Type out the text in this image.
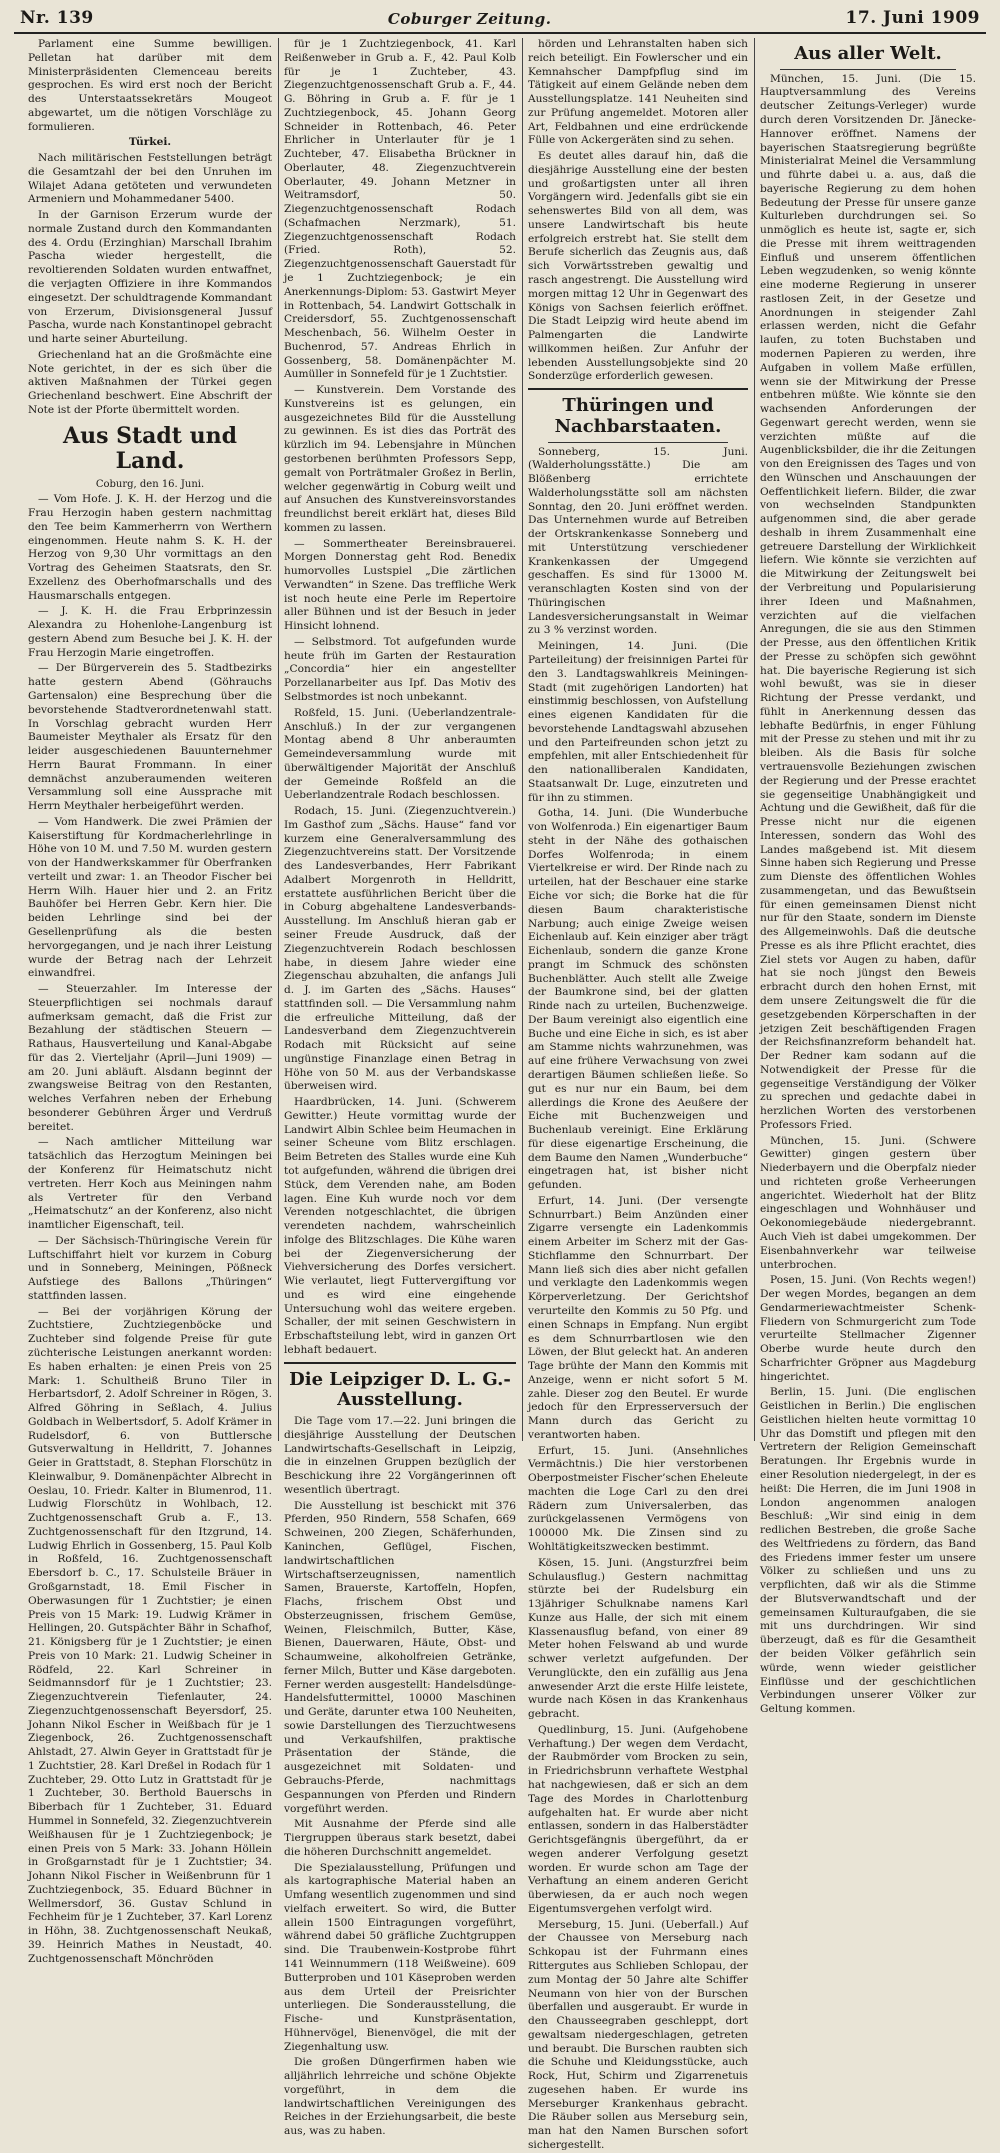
Nr. 139	Coburger Zeitung.	17. Juni 1909

Parlament eine Summe bewilligen. Pelletan hat darüber mit dem Ministerpräsidenten Clemenceau bereits gesprochen. Es wird erst noch der Bericht des Unterstaatssekretärs Mougeot abgewartet, um die nötigen Vorschläge zu formulieren.

Türkei.

Nach militärischen Feststellungen beträgt die Gesamtzahl der bei den Unruhen im Wilajet Adana getöteten und verwundeten Armeniern und Mohammedaner 5400.

In der Garnison Erzerum wurde der normale Zustand durch den Kommandanten des 4. Ordu (Erzinghian) Marschall Ibrahim Pascha wieder hergestellt, die revoltierenden Soldaten wurden entwaffnet, die verjagten Offiziere in ihre Kommandos eingesetzt. Der schuldtragende Kommandant von Erzerum, Divisionsgeneral Jussuf Pascha, wurde nach Konstantinopel gebracht und harte seiner Aburteilung.

Griechenland hat an die Großmächte eine Note gerichtet, in der es sich über die aktiven Maßnahmen der Türkei gegen Griechenland beschwert. Eine Abschrift der Note ist der Pforte übermittelt worden.

Aus Stadt und Land.

Coburg, den 16. Juni.

— Vom Hofe. J. K. H. der Herzog und die Frau Herzogin haben gestern nachmittag den Tee beim Kammerherrn von Werthern eingenommen. Heute nahm S. K. H. der Herzog von 9,30 Uhr vormittags an den Vortrag des Geheimen Staatsrats, den Sr. Exzellenz des Oberhofmarschalls und des Hausmarschalls entgegen.

— J. K. H. die Frau Erbprinzessin Alexandra zu Hohenlohe-Langenburg ist gestern Abend zum Besuche bei J. K. H. der Frau Herzogin Marie eingetroffen.

— Der Bürgerverein des 5. Stadtbezirks hatte gestern Abend (Göhrauchs Gartensalon) eine Besprechung über die bevorstehende Stadtverordnetenwahl statt. In Vorschlag gebracht wurden Herr Baumeister Meythaler als Ersatz für den leider ausgeschiedenen Bauunternehmer Herrn Baurat Frommann. In einer demnächst anzuberaumenden weiteren Versammlung soll eine Aussprache mit Herrn Meythaler herbeigeführt werden.

— Vom Handwerk. Die zwei Prämien der Kaiserstiftung für Kordmacherlehrlinge in Höhe von 10 M. und 7.50 M. wurden gestern von der Handwerkskammer für Oberfranken verteilt und zwar: 1. an Theodor Fischer bei Herrn Wilh. Hauer hier und 2. an Fritz Bauhöfer bei Herren Gebr. Kern hier. Die beiden Lehrlinge sind bei der Gesellenprüfung als die besten hervorgegangen, und je nach ihrer Leistung wurde der Betrag nach der Lehrzeit einwandfrei.

— Steuerzahler. Im Interesse der Steuerpflichtigen sei nochmals darauf aufmerksam gemacht, daß die Frist zur Bezahlung der städtischen Steuern — Rathaus, Hausverteilung und Kanal-Abgabe für das 2. Vierteljahr (April—Juni 1909) — am 20. Juni abläuft. Alsdann beginnt der zwangsweise Beitrag von den Restanten, welches Verfahren neben der Erhebung besonderer Gebühren Ärger und Verdruß bereitet.

— Nach amtlicher Mitteilung war tatsächlich das Herzogtum Meiningen bei der Konferenz für Heimatschutz nicht vertreten. Herr Koch aus Meiningen nahm als Vertreter für den Verband „Heimatschutz“ an der Konferenz, also nicht inamtlicher Eigenschaft, teil.

— Der Sächsisch-Thüringische Verein für Luftschiffahrt hielt vor kurzem in Coburg und in Sonneberg, Meiningen, Pößneck Aufstiege des Ballons „Thüringen“ stattfinden lassen.

— Bei der vorjährigen Körung der Zuchtstiere, Zuchtziegenböcke und Zuchteber sind folgende Preise für gute züchterische Leistungen anerkannt worden: Es haben erhalten: je einen Preis von 25 Mark: 1. Schultheiß Bruno Tiler in Herbartsdorf, 2. Adolf Schreiner in Rögen, 3. Alfred Göhring in Seßlach, 4. Julius Goldbach in Welbertsdorf, 5. Adolf Krämer in Rudelsdorf, 6. von Buttlersche Gutsverwaltung in Helldritt, 7. Johannes Geier in Grattstadt, 8. Stephan Florschütz in Kleinwalbur, 9. Domänenpächter Albrecht in Oeslau, 10. Friedr. Kalter in Blumenrod, 11. Ludwig Florschütz in Wohlbach, 12. Zuchtgenossenschaft Grub a. F., 13. Zuchtgenossenschaft für den Itzgrund, 14. Ludwig Ehrlich in Gossenberg, 15. Paul Kolb in Roßfeld, 16. Zuchtgenossenschaft Ebersdorf b. C., 17. Schulsteile Bräuer in Großgarnstadt, 18. Emil Fischer in Oberwasungen für 1 Zuchtstier; je einen Preis von 15 Mark: 19. Ludwig Krämer in Hellingen, 20. Gutspächter Bähr in Schafhof, 21. Königsberg für je 1 Zuchtstier; je einen Preis von 10 Mark: 21. Ludwig Scheiner in Rödfeld, 22. Karl Schreiner in Seidmannsdorf für je 1 Zuchtstier; 23. Ziegenzuchtverein Tiefenlauter, 24. Ziegenzuchtgenossenschaft Beyersdorf, 25. Johann Nikol Escher in Weißbach für je 1 Ziegenbock, 26. Zuchtgenossenschaft Ahlstadt, 27. Alwin Geyer in Grattstadt für je 1 Zuchtstier, 28. Karl Dreßel in Rodach für 1 Zuchteber, 29. Otto Lutz in Grattstadt für je 1 Zuchteber, 30. Berthold Bauerschs in Biberbach für 1 Zuchteber, 31. Eduard Hummel in Sonnefeld, 32. Ziegenzuchtverein Weißhausen für je 1 Zuchtziegenbock; je einen Preis von 5 Mark: 33. Johann Höllein in Großgarnstadt für je 1 Zuchtstier; 34. Johann Nikol Fischer in Weißenbrunn für 1 Zuchtziegenbock, 35. Eduard Büchner in Wellmersdorf, 36. Gustav Schlund in Fechheim für je 1 Zuchteber, 37. Karl Lorenz in Höhn, 38. Zuchtgenossenschaft Neukaß, 39. Heinrich Mathes in Neustadt, 40. Zuchtgenossenschaft Mönchröden

für je 1 Zuchtziegenbock, 41. Karl Reißenweber in Grub a. F., 42. Paul Kolb für je 1 Zuchteber, 43. Ziegenzuchtgenossenschaft Grub a. F., 44. G. Böhring in Grub a. F. für je 1 Zuchtziegenbock, 45. Johann Georg Schneider in Rottenbach, 46. Peter Ehrlicher in Unterlauter für je 1 Zuchteber, 47. Elisabetha Brückner in Oberlauter, 48. Ziegenzuchtverein Oberlauter, 49. Johann Metzner in Weitramsdorf, 50. Ziegenzuchtgenossenschaft Rodach (Schafmachen Nerzmark), 51. Ziegenzuchtgenossenschaft Rodach (Fried. Roth), 52. Ziegenzuchtgenossenschaft Gauerstadt für je 1 Zuchtziegenbock; je ein Anerkennungs-Diplom: 53. Gastwirt Meyer in Rottenbach, 54. Landwirt Gottschalk in Creidersdorf, 55. Zuchtgenossenschaft Meschenbach, 56. Wilhelm Oester in Buchenrod, 57. Andreas Ehrlich in Gossenberg, 58. Domänenpächter M. Aumüller in Sonnefeld für je 1 Zuchtstier.

— Kunstverein. Dem Vorstande des Kunstvereins ist es gelungen, ein ausgezeichnetes Bild für die Ausstellung zu gewinnen. Es ist dies das Porträt des kürzlich im 94. Lebensjahre in München gestorbenen berühmten Professors Sepp, gemalt von Porträtmaler Großez in Berlin, welcher gegenwärtig in Coburg weilt und auf Ansuchen des Kunstvereinsvorstandes freundlichst bereit erklärt hat, dieses Bild kommen zu lassen.

— Sommertheater Bereinsbrauerei. Morgen Donnerstag geht Rod. Benedix humorvolles Lustspiel „Die zärtlichen Verwandten“ in Szene. Das treffliche Werk ist noch heute eine Perle im Repertoire aller Bühnen und ist der Besuch in jeder Hinsicht lohnend.

— Selbstmord. Tot aufgefunden wurde heute früh im Garten der Restauration „Concordia“ hier ein angestellter Porzellanarbeiter aus Ipf. Das Motiv des Selbstmordes ist noch unbekannt.

Roßfeld, 15. Juni. (Ueberlandzentrale-Anschluß.) In der zur vergangenen Montag abend 8 Uhr anberaumten Gemeindeversammlung wurde mit überwältigender Majorität der Anschluß der Gemeinde Roßfeld an die Ueberlandzentrale Rodach beschlossen.

Rodach, 15. Juni. (Ziegenzuchtverein.) Im Gasthof zum „Sächs. Hause“ fand vor kurzem eine Generalversammlung des Ziegenzuchtvereins statt. Der Vorsitzende des Landesverbandes, Herr Fabrikant Adalbert Morgenroth in Helldritt, erstattete ausführlichen Bericht über die in Coburg abgehaltene Landesverbands-Ausstellung. Im Anschluß hieran gab er seiner Freude Ausdruck, daß der Ziegenzuchtverein Rodach beschlossen habe, in diesem Jahre wieder eine Ziegenschau abzuhalten, die anfangs Juli d. J. im Garten des „Sächs. Hauses“ stattfinden soll. — Die Versammlung nahm die erfreuliche Mitteilung, daß der Landesverband dem Ziegenzuchtverein Rodach mit Rücksicht auf seine ungünstige Finanzlage einen Betrag in Höhe von 50 M. aus der Verbandskasse überweisen wird.

Haardbrücken, 14. Juni. (Schwerem Gewitter.) Heute vormittag wurde der Landwirt Albin Schlee beim Heumachen in seiner Scheune vom Blitz erschlagen. Beim Betreten des Stalles wurde eine Kuh tot aufgefunden, während die übrigen drei Stück, dem Verenden nahe, am Boden lagen. Eine Kuh wurde noch vor dem Verenden notgeschlachtet, die übrigen verendeten nachdem, wahrscheinlich infolge des Blitzschlages. Die Kühe waren bei der Ziegenversicherung der Viehversicherung des Dorfes versichert. Wie verlautet, liegt Futtervergiftung vor und es wird eine eingehende Untersuchung wohl das weitere ergeben. Schaller, der mit seinen Geschwistern in Erbschaftsteilung lebt, wird in ganzen Ort lebhaft bedauert.

Die Leipziger D. L. G.-Ausstellung.

Die Tage vom 17.—22. Juni bringen die diesjährige Ausstellung der Deutschen Landwirtschafts-Gesellschaft in Leipzig, die in einzelnen Gruppen bezüglich der Beschickung ihre 22 Vorgängerinnen oft wesentlich übertragt.

Die Ausstellung ist beschickt mit 376 Pferden, 950 Rindern, 558 Schafen, 669 Schweinen, 200 Ziegen, Schäferhunden, Kaninchen, Geflügel, Fischen, landwirtschaftlichen Wirtschaftserzeugnissen, namentlich Samen, Brauerste, Kartoffeln, Hopfen, Flachs, frischem Obst und Obsterzeugnissen, frischem Gemüse, Weinen, Fleischmilch, Butter, Käse, Bienen, Dauerwaren, Häute, Obst- und Schaumweine, alkoholfreien Getränke, ferner Milch, Butter und Käse dargeboten. Ferner werden ausgestellt: Handelsdünge-Handelsfuttermittel, 10000 Maschinen und Geräte, darunter etwa 100 Neuheiten, sowie Darstellungen des Tierzuchtwesens und Verkaufshilfen, praktische Präsentation der Stände, die ausgezeichnet mit Soldaten- und Gebrauchs-Pferde, nachmittags Gespannungen von Pferden und Rindern vorgeführt werden.

Mit Ausnahme der Pferde sind alle Tiergruppen überaus stark besetzt, dabei die höheren Durchschnitt angemeldet.

Die Spezialausstellung, Prüfungen und als kartographische Material haben an Umfang wesentlich zugenommen und sind vielfach erweitert. So wird, die Butter allein 1500 Eintragungen vorgeführt, während dabei 50 gräfliche Zuchtgruppen sind. Die Traubenwein-Kostprobe führt 141 Weinnummern (118 Weißweine). 609 Butterproben und 101 Käseproben werden aus dem Urteil der Preisrichter unterliegen. Die Sonderausstellung, die Fische- und Kunstpräsentation, Hühnervögel, Bienenvögel, die mit der Ziegenhaltung usw.

Die großen Düngerfirmen haben wie alljährlich lehrreiche und schöne Objekte vorgeführt, in dem die landwirtschaftlichen Vereinigungen des Reiches in der Erziehungsarbeit, die beste aus, was zu haben.

hörden und Lehranstalten haben sich reich beteiligt. Ein Fowlerscher und ein Kemnahscher Dampfpflug sind im Tätigkeit auf einem Gelände neben dem Ausstellungsplatze. 141 Neuheiten sind zur Prüfung angemeldet. Motoren aller Art, Feldbahnen und eine erdrückende Fülle von Ackergeräten sind zu sehen.

Es deutet alles darauf hin, daß die diesjährige Ausstellung eine der besten und großartigsten unter all ihren Vorgängern wird. Jedenfalls gibt sie ein sehenswertes Bild von all dem, was unsere Landwirtschaft bis heute erfolgreich erstrebt hat. Sie stellt dem Berufe sicherlich das Zeugnis aus, daß sich Vorwärtsstreben gewaltig und rasch angestrengt. Die Ausstellung wird morgen mittag 12 Uhr in Gegenwart des Königs von Sachsen feierlich eröffnet. Die Stadt Leipzig wird heute abend im Palmengarten die Landwirte willkommen heißen. Zur Anfuhr der lebenden Ausstellungsobjekte sind 20 Sonderzüge erforderlich gewesen.

Thüringen und Nachbarstaaten.

Sonneberg, 15. Juni. (Walderholungsstätte.) Die am Blößenberg errichtete Walderholungsstätte soll am nächsten Sonntag, den 20. Juni eröffnet werden. Das Unternehmen wurde auf Betreiben der Ortskrankenkasse Sonneberg und mit Unterstützung verschiedener Krankenkassen der Umgegend geschaffen. Es sind für 13000 M. veranschlagten Kosten sind von der Thüringischen Landesversicherungsanstalt in Weimar zu 3 % verzinst worden.

Meiningen, 14. Juni. (Die Parteileitung) der freisinnigen Partei für den 3. Landtagswahlkreis Meiningen-Stadt (mit zugehörigen Landorten) hat einstimmig beschlossen, von Aufstellung eines eigenen Kandidaten für die bevorstehende Landtagswahl abzusehen und den Parteifreunden schon jetzt zu empfehlen, mit aller Entschiedenheit für den nationalliberalen Kandidaten, Staatsanwalt Dr. Luge, einzutreten und für ihn zu stimmen.

Gotha, 14. Juni. (Die Wunderbuche von Wolfenroda.) Ein eigenartiger Baum steht in der Nähe des gothaischen Dorfes Wolfenroda; in einem Viertelkreise er wird. Der Rinde nach zu urteilen, hat der Beschauer eine starke Eiche vor sich; die Borke hat die für diesen Baum charakteristische Narbung; auch einige Zweige weisen Eichenlaub auf. Kein einziger aber trägt Eichenlaub, sondern die ganze Krone prangt im Schmuck des schönsten Buchenblätter. Auch stellt alle Zweige der Baumkrone sind, bei der glatten Rinde nach zu urteilen, Buchenzweige. Der Baum vereinigt also eigentlich eine Buche und eine Eiche in sich, es ist aber am Stamme nichts wahrzunehmen, was auf eine frühere Verwachsung von zwei derartigen Bäumen schließen ließe. So gut es nur nur ein Baum, bei dem allerdings die Krone des Aeußere der Eiche mit Buchenzweigen und Buchenlaub vereinigt. Eine Erklärung für diese eigenartige Erscheinung, die dem Baume den Namen „Wunderbuche“ eingetragen hat, ist bisher nicht gefunden.

Erfurt, 14. Juni. (Der versengte Schnurrbart.) Beim Anzünden einer Zigarre versengte ein Ladenkommis einem Arbeiter im Scherz mit der Gas-Stichflamme den Schnurrbart. Der Mann ließ sich dies aber nicht gefallen und verklagte den Ladenkommis wegen Körperverletzung. Der Gerichtshof verurteilte den Kommis zu 50 Pfg. und einen Schnaps in Empfang. Nun ergibt es dem Schnurrbartlosen wie den Löwen, der Blut geleckt hat. An anderen Tage brühte der Mann den Kommis mit Anzeige, wenn er nicht sofort 5 M. zahle. Dieser zog den Beutel. Er wurde jedoch für den Erpresserversuch der Mann durch das Gericht zu verantworten haben.

Erfurt, 15. Juni. (Ansehnliches Vermächtnis.) Die hier verstorbenen Oberpostmeister Fischer’schen Eheleute machten die Loge Carl zu den drei Rädern zum Universalerben, das zurückgelassenen Vermögens von 100000 Mk. Die Zinsen sind zu Wohltätigkeitszwecken bestimmt.

Kösen, 15. Juni. (Angsturzfrei beim Schulausflug.) Gestern nachmittag stürzte bei der Rudelsburg ein 13jähriger Schulknabe namens Karl Kunze aus Halle, der sich mit einem Klassenausflug befand, von einer 89 Meter hohen Felswand ab und wurde schwer verletzt aufgefunden. Der Verunglückte, den ein zufällig aus Jena anwesender Arzt die erste Hilfe leistete, wurde nach Kösen in das Krankenhaus gebracht.

Quedlinburg, 15. Juni. (Aufgehobene Verhaftung.) Der wegen dem Verdacht, der Raubmörder vom Brocken zu sein, in Friedrichsbrunn verhaftete Westphal hat nachgewiesen, daß er sich an dem Tage des Mordes in Charlottenburg aufgehalten hat. Er wurde aber nicht entlassen, sondern in das Halberstädter Gerichtsgefängnis übergeführt, da er wegen anderer Verfolgung gesetzt worden. Er wurde schon am Tage der Verhaftung an einem anderen Gericht überwiesen, da er auch noch wegen Eigentumsvergehen verfolgt wird.

Merseburg, 15. Juni. (Ueberfall.) Auf der Chaussee von Merseburg nach Schkopau ist der Fuhrmann eines Rittergutes aus Schlieben Schlopau, der zum Montag der 50 Jahre alte Schiffer Neumann von hier von der Burschen überfallen und ausgeraubt. Er wurde in den Chausseegraben geschleppt, dort gewaltsam niedergeschlagen, getreten und beraubt. Die Burschen raubten sich die Schuhe und Kleidungsstücke, auch Rock, Hut, Schirm und Zigarrenetuis zugesehen haben. Er wurde ins Merseburger Krankenhaus gebracht. Die Räuber sollen aus Merseburg sein, man hat den Namen Burschen sofort sichergestellt.

Aus aller Welt.

München, 15. Juni. (Die 15. Hauptversammlung des Vereins deutscher Zeitungs-Verleger) wurde durch deren Vorsitzenden Dr. Jänecke-Hannover eröffnet. Namens der bayerischen Staatsregierung begrüßte Ministerialrat Meinel die Versammlung und führte dabei u. a. aus, daß die bayerische Regierung zu dem hohen Bedeutung der Presse für unsere ganze Kulturleben durchdrungen sei. So unmöglich es heute ist, sagte er, sich die Presse mit ihrem weittragenden Einfluß und unserem öffentlichen Leben wegzudenken, so wenig könnte eine moderne Regierung in unserer rastlosen Zeit, in der Gesetze und Anordnungen in steigender Zahl erlassen werden, nicht die Gefahr laufen, zu toten Buchstaben und modernen Papieren zu werden, ihre Aufgaben in vollem Maße erfüllen, wenn sie der Mitwirkung der Presse entbehren müßte. Wie könnte sie den wachsenden Anforderungen der Gegenwart gerecht werden, wenn sie verzichten müßte auf die Augenblicksbilder, die ihr die Zeitungen von den Ereignissen des Tages und von den Wünschen und Anschauungen der Oeffentlichkeit liefern. Bilder, die zwar von wechselnden Standpunkten aufgenommen sind, die aber gerade deshalb in ihrem Zusammenhalt eine getreuere Darstellung der Wirklichkeit liefern. Wie könnte sie verzichten auf die Mitwirkung der Zeitungswelt bei der Verbreitung und Popularisierung ihrer Ideen und Maßnahmen, verzichten auf die vielfachen Anregungen, die sie aus den Stimmen der Presse, aus den öffentlichen Kritik der Presse zu schöpfen sich gewöhnt hat. Die bayerische Regierung ist sich wohl bewußt, was sie in dieser Richtung der Presse verdankt, und fühlt in Anerkennung dessen das lebhafte Bedürfnis, in enger Fühlung mit der Presse zu stehen und mit ihr zu bleiben. Als die Basis für solche vertrauensvolle Beziehungen zwischen der Regierung und der Presse erachtet sie gegenseitige Unabhängigkeit und Achtung und die Gewißheit, daß für die Presse nicht nur die eigenen Interessen, sondern das Wohl des Landes maßgebend ist. Mit diesem Sinne haben sich Regierung und Presse zum Dienste des öffentlichen Wohles zusammengetan, und das Bewußtsein für einen gemeinsamen Dienst nicht nur für den Staate, sondern im Dienste des Allgemeinwohls. Daß die deutsche Presse es als ihre Pflicht erachtet, dies Ziel stets vor Augen zu haben, dafür hat sie noch jüngst den Beweis erbracht durch den hohen Ernst, mit dem unsere Zeitungswelt die für die gesetzgebenden Körperschaften in der jetzigen Zeit beschäftigenden Fragen der Reichsfinanzreform behandelt hat. Der Redner kam sodann auf die Notwendigkeit der Presse für die gegenseitige Verständigung der Völker zu sprechen und gedachte dabei in herzlichen Worten des verstorbenen Professors Fried.

München, 15. Juni. (Schwere Gewitter) gingen gestern über Niederbayern und die Oberpfalz nieder und richteten große Verheerungen angerichtet. Wiederholt hat der Blitz eingeschlagen und Wohnhäuser und Oekonomiegebäude niedergebrannt. Auch Vieh ist dabei umgekommen. Der Eisenbahnverkehr war teilweise unterbrochen.

Posen, 15. Juni. (Von Rechts wegen!) Der wegen Mordes, begangen an dem Gendarmeriewachtmeister Schenk-Fliedern von Schmurgericht zum Tode verurteilte Stellmacher Zigenner Oberbe wurde heute durch den Scharfrichter Gröpner aus Magdeburg hingerichtet.

Berlin, 15. Juni. (Die englischen Geistlichen in Berlin.) Die englischen Geistlichen hielten heute vormittag 10 Uhr das Domstift und pflegen mit den Vertretern der Religion Gemeinschaft Beratungen. Ihr Ergebnis wurde in einer Resolution niedergelegt, in der es heißt: Die Herren, die im Juni 1908 in London angenommen analogen Beschluß: „Wir sind einig in dem redlichen Bestreben, die große Sache des Weltfriedens zu fördern, das Band des Friedens immer fester um unsere Völker zu schließen und uns zu verpflichten, daß wir als die Stimme der Blutsverwandtschaft und der gemeinsamen Kulturaufgaben, die sie mit uns durchdringen. Wir sind überzeugt, daß es für die Gesamtheit der beiden Völker gefährlich sein würde, wenn wieder geistlicher Einflüsse und der geschichtlichen Verbindungen unserer Völker zur Geltung kommen.
